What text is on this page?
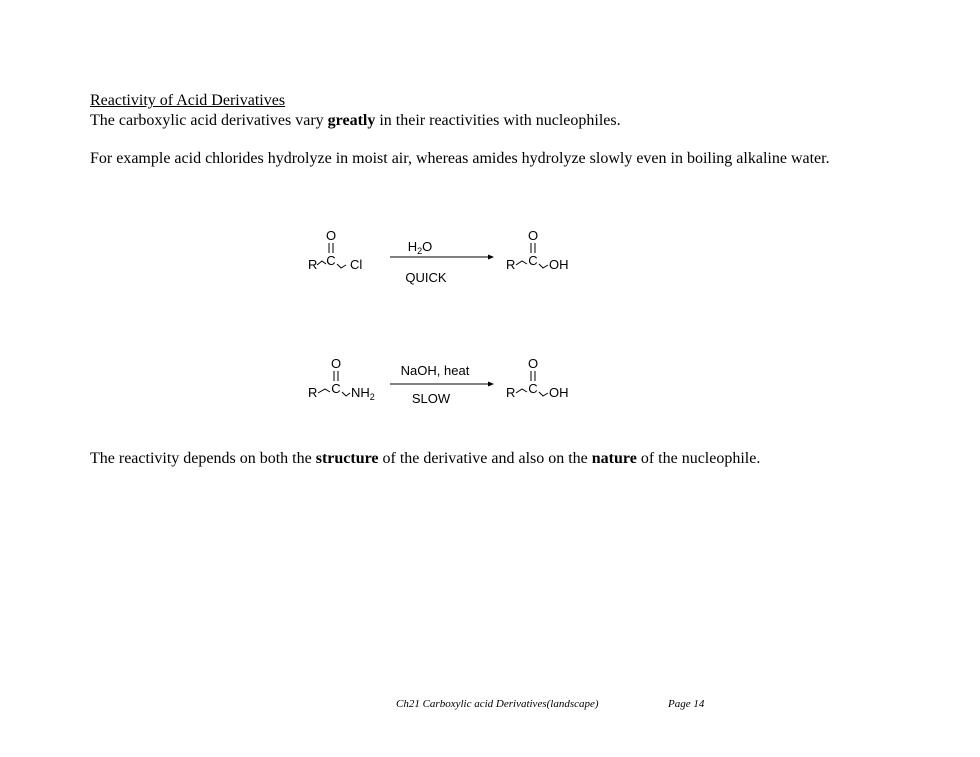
Reactivity of Acid Derivatives
The carboxylic acid derivatives vary greatly in their reactivities with nucleophiles.
For example acid chlorides hydrolyze in moist air, whereas amides hydrolyze slowly even in boiling alkaline water.
O
R C Cl
$H_2O$
QUICK
O
R C OH
O
R C $NH_2$
NaOH, heat
SLOW
O
R C OH
The reactivity depends on both the structure of the derivative and also on the nature of the nucleophile.
Ch21 Carboxylic acid Derivatives(landscape)	Page 14
